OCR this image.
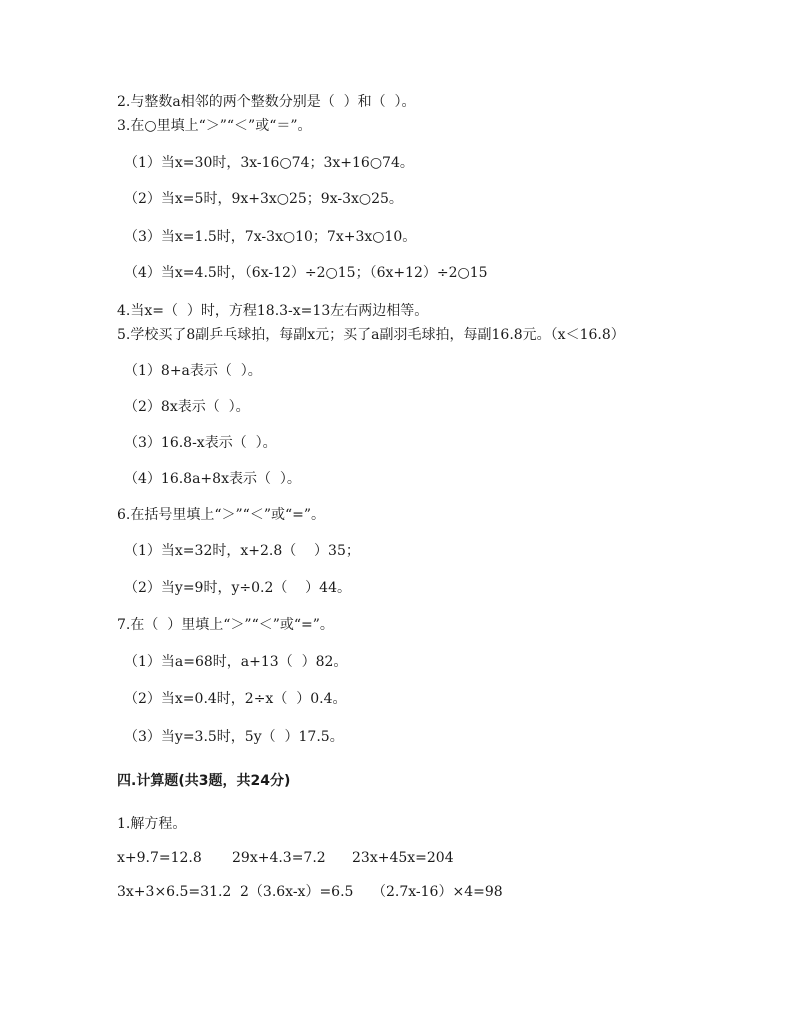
2.与整数a相邻的两个整数分别是（  ）和（  ）。
3.在○里填上“＞”“＜”或“＝”。
（1）当x=30时，3x-16○74；3x+16○74。
（2）当x=5时，9x+3x○25；9x-3x○25。
（3）当x=1.5时，7x-3x○10；7x+3x○10。
（4）当x=4.5时，（6x-12）÷2○15；（6x+12）÷2○15
4.当x=（  ）时，方程18.3-x=13左右两边相等。
5.学校买了8副乒乓球拍，每副x元；买了a副羽毛球拍，每副16.8元。（x＜16.8）
（1）8+a表示（  ）。
（2）8x表示（  ）。
（3）16.8-x表示（  ）。
（4）16.8a+8x表示（  ）。
6.在括号里填上“＞”“＜”或“=”。
（1）当x=32时，x+2.8（    ）35；
（2）当y=9时，y÷0.2（    ）44。
7.在（  ）里填上“＞”“＜”或“=”。
（1）当a=68时，a+13（  ）82。
（2）当x=0.4时，2÷x（  ）0.4。
（3）当y=3.5时，5y（  ）17.5。
四.计算题(共3题，共24分)
1.解方程。
x+9.7=12.8 29x+4.3=7.2 23x+45x=204
3x+3×6.5=31.2 2（3.6x-x）=6.5 （2.7x-16）×4=98
